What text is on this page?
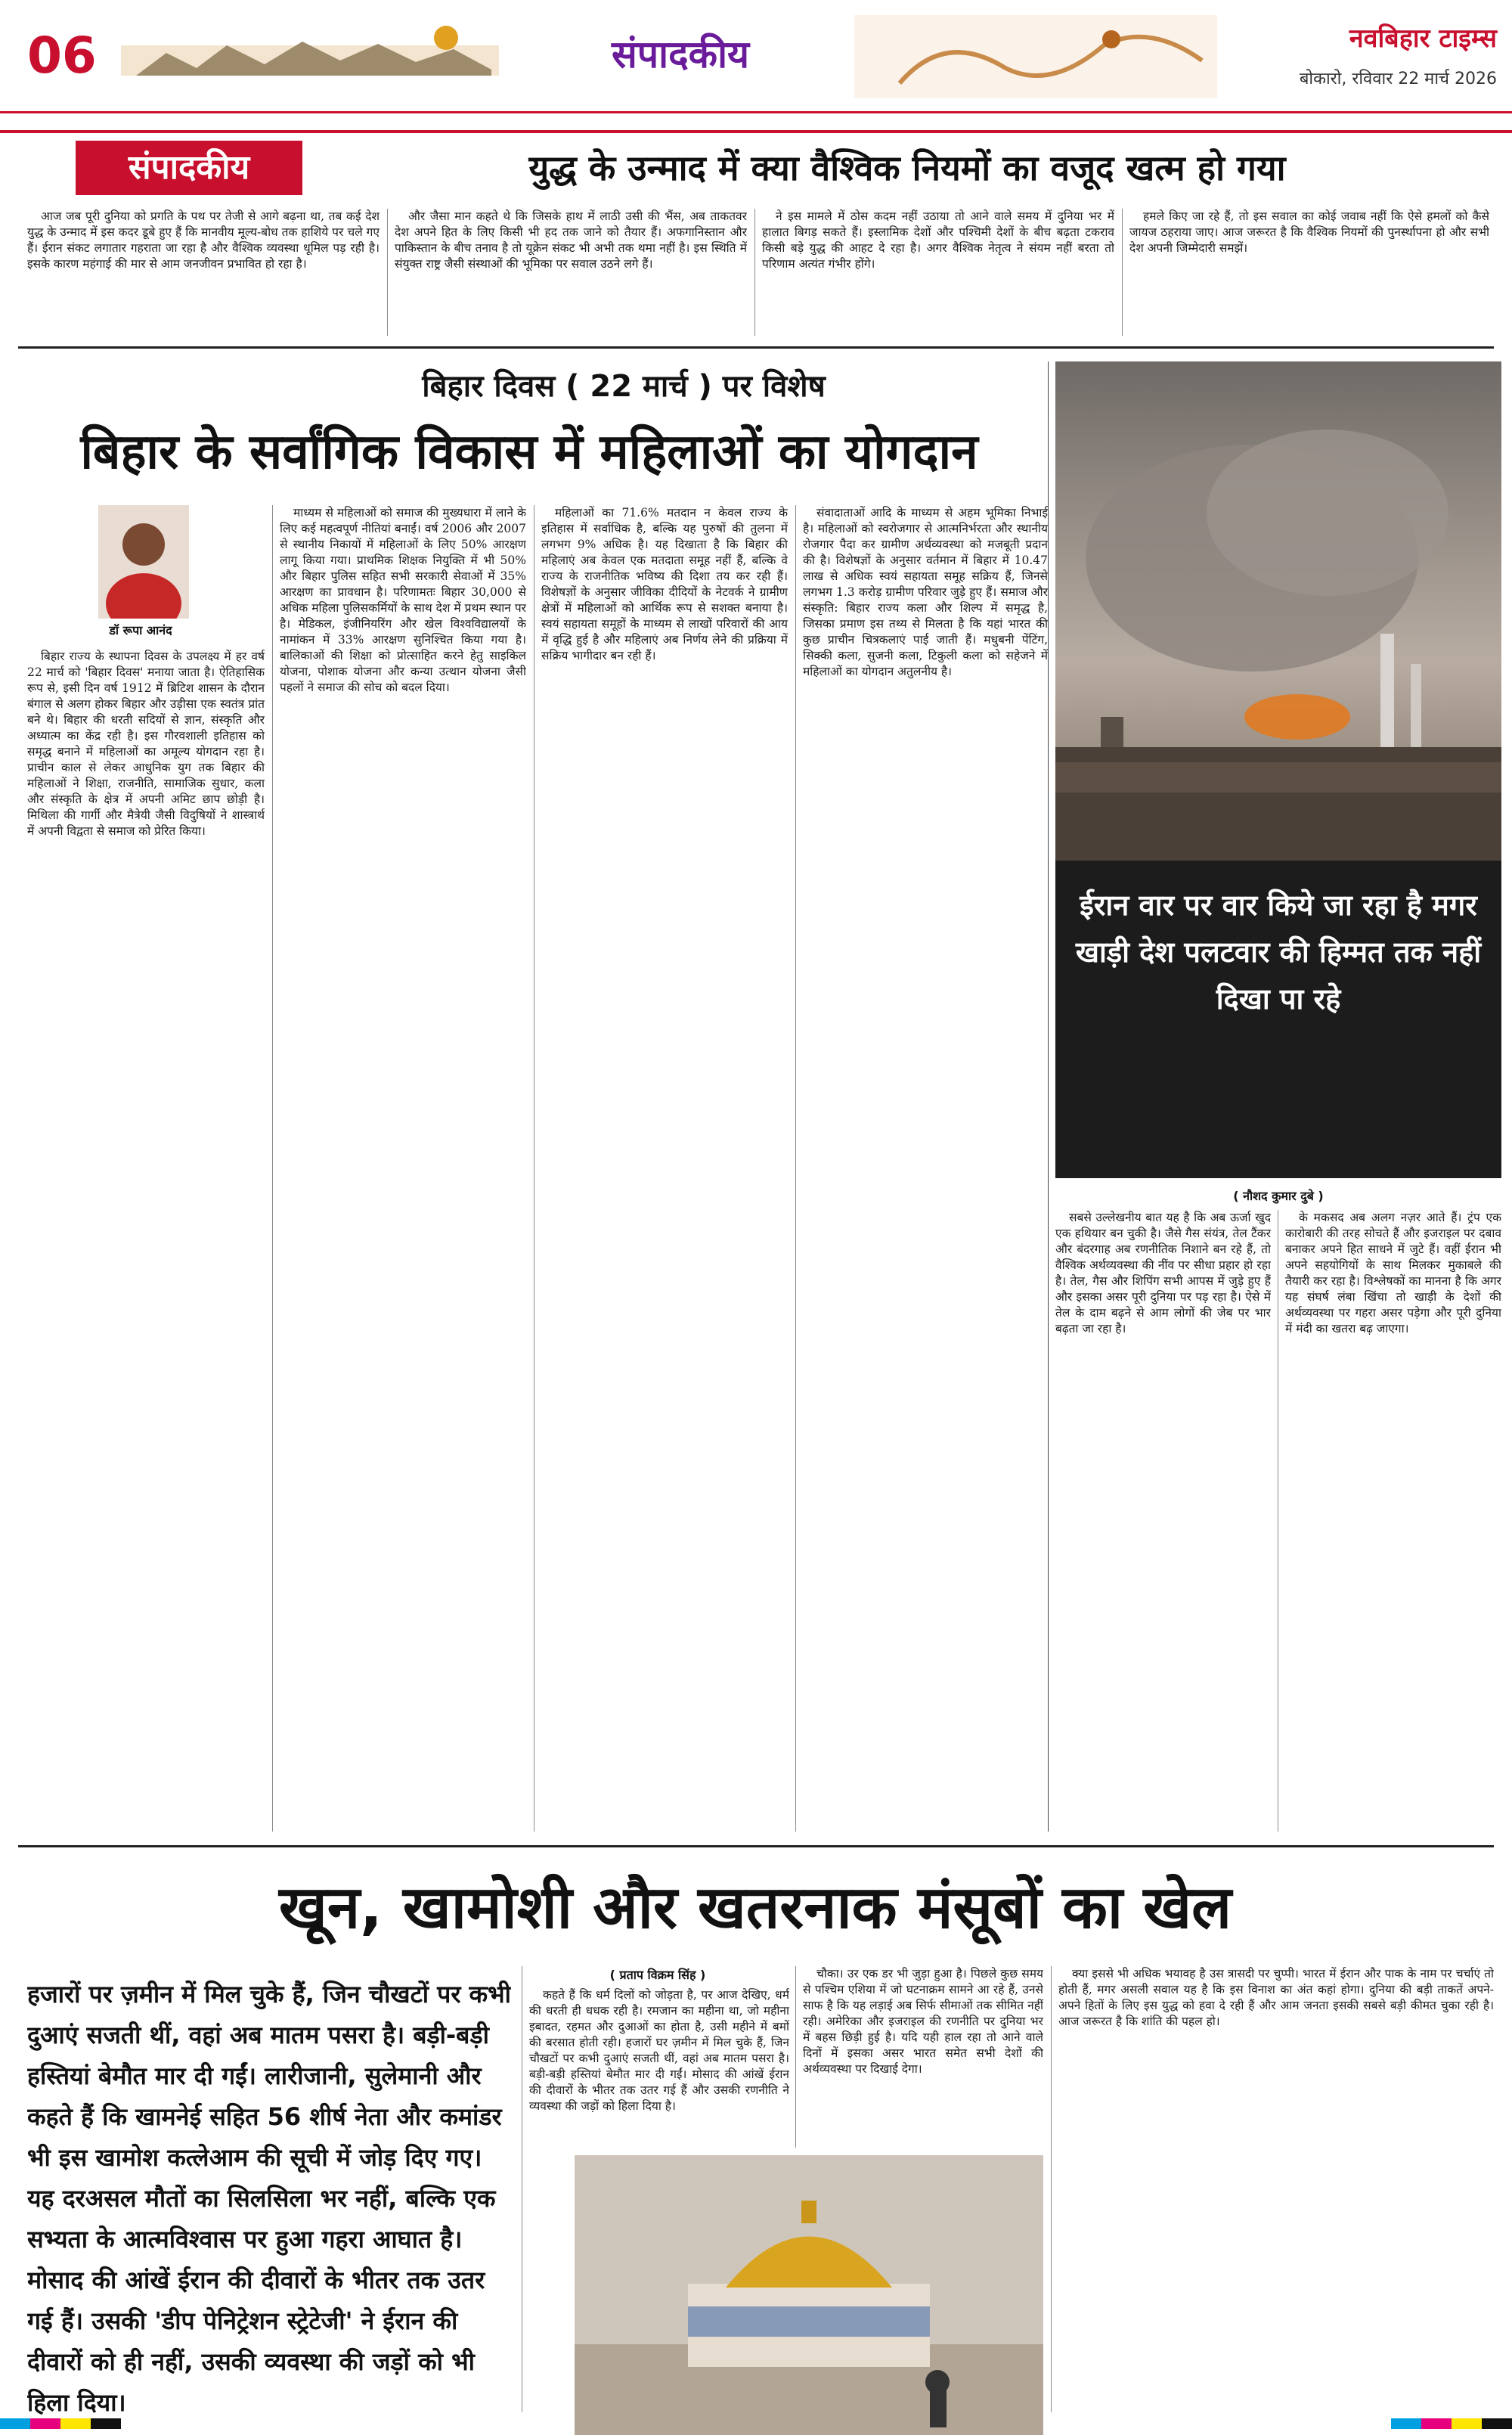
06	संपादकीय	नवबिहार टाइम्स
बोकारो, रविवार 22 मार्च 2026
संपादकीय	युद्ध के उन्माद में क्या वैश्विक नियमों का वजूद खत्म हो गया

आज जब पूरी दुनिया को प्रगति के पथ पर तेजी से आगे बढ़ना था, तब कई देश युद्ध के उन्माद में इस कदर डूबे हुए हैं कि मानवीय मूल्य-बोध तक हाशिये पर चले गए हैं। ईरान संकट लगातार गहराता जा रहा है और वैश्विक व्यवस्था धूमिल पड़ रही है। इसके कारण महंगाई की मार से आम जनजीवन प्रभावित हो रहा है।

और जैसा मान कहते थे कि जिसके हाथ में लाठी उसी की भैंस, अब ताकतवर देश अपने हित के लिए किसी भी हद तक जाने को तैयार हैं। अफगानिस्तान और पाकिस्तान के बीच तनाव है तो यूक्रेन संकट भी अभी तक थमा नहीं है। इस स्थिति में संयुक्त राष्ट्र जैसी संस्थाओं की भूमिका पर सवाल उठने लगे हैं।

ने इस मामले में ठोस कदम नहीं उठाया तो आने वाले समय में दुनिया भर में हालात बिगड़ सकते हैं। इस्लामिक देशों और पश्चिमी देशों के बीच बढ़ता टकराव किसी बड़े युद्ध की आहट दे रहा है। अगर वैश्विक नेतृत्व ने संयम नहीं बरता तो परिणाम अत्यंत गंभीर होंगे।

हमले किए जा रहे हैं, तो इस सवाल का कोई जवाब नहीं कि ऐसे हमलों को कैसे जायज ठहराया जाए। आज जरूरत है कि वैश्विक नियमों की पुनर्स्थापना हो और सभी देश अपनी जिम्मेदारी समझें।

बिहार दिवस ( 22 मार्च ) पर विशेष
बिहार के सर्वांगिक विकास में महिलाओं का योगदान
डॉ रूपा आनंद

बिहार राज्य के स्थापना दिवस के उपलक्ष्य में हर वर्ष 22 मार्च को 'बिहार दिवस' मनाया जाता है। ऐतिहासिक रूप से, इसी दिन वर्ष 1912 में ब्रिटिश शासन के दौरान बंगाल से अलग होकर बिहार और उड़ीसा एक स्वतंत्र प्रांत बने थे। बिहार की धरती सदियों से ज्ञान, संस्कृति और अध्यात्म का केंद्र रही है। इस गौरवशाली इतिहास को समृद्ध बनाने में महिलाओं का अमूल्य योगदान रहा है। प्राचीन काल से लेकर आधुनिक युग तक बिहार की महिलाओं ने शिक्षा, राजनीति, सामाजिक सुधार, कला और संस्कृति के क्षेत्र में अपनी अमिट छाप छोड़ी है। मिथिला की गार्गी और मैत्रेयी जैसी विदुषियों ने शास्त्रार्थ में अपनी विद्वता से समाज को प्रेरित किया।

माध्यम से महिलाओं को समाज की मुख्यधारा में लाने के लिए कई महत्वपूर्ण नीतियां बनाईं। वर्ष 2006 और 2007 से स्थानीय निकायों में महिलाओं के लिए 50% आरक्षण लागू किया गया। प्राथमिक शिक्षक नियुक्ति में भी 50% और बिहार पुलिस सहित सभी सरकारी सेवाओं में 35% आरक्षण का प्रावधान है। परिणामतः बिहार 30,000 से अधिक महिला पुलिसकर्मियों के साथ देश में प्रथम स्थान पर है। मेडिकल, इंजीनियरिंग और खेल विश्वविद्यालयों के नामांकन में 33% आरक्षण सुनिश्चित किया गया है। बालिकाओं की शिक्षा को प्रोत्साहित करने हेतु साइकिल योजना, पोशाक योजना और कन्या उत्थान योजना जैसी पहलों ने समाज की सोच को बदल दिया।

महिलाओं का 71.6% मतदान न केवल राज्य के इतिहास में सर्वाधिक है, बल्कि यह पुरुषों की तुलना में लगभग 9% अधिक है। यह दिखाता है कि बिहार की महिलाएं अब केवल एक मतदाता समूह नहीं हैं, बल्कि वे राज्य के राजनीतिक भविष्य की दिशा तय कर रही हैं। विशेषज्ञों के अनुसार जीविका दीदियों के नेटवर्क ने ग्रामीण क्षेत्रों में महिलाओं को आर्थिक रूप से सशक्त बनाया है। स्वयं सहायता समूहों के माध्यम से लाखों परिवारों की आय में वृद्धि हुई है और महिलाएं अब निर्णय लेने की प्रक्रिया में सक्रिय भागीदार बन रही हैं।

संवादाताओं आदि के माध्यम से अहम भूमिका निभाई है। महिलाओं को स्वरोजगार से आत्मनिर्भरता और स्थानीय रोजगार पैदा कर ग्रामीण अर्थव्यवस्था को मजबूती प्रदान की है। विशेषज्ञों के अनुसार वर्तमान में बिहार में 10.47 लाख से अधिक स्वयं सहायता समूह सक्रिय हैं, जिनसे लगभग 1.3 करोड़ ग्रामीण परिवार जुड़े हुए हैं। समाज और संस्कृति: बिहार राज्य कला और शिल्प में समृद्ध है, जिसका प्रमाण इस तथ्य से मिलता है कि यहां भारत की कुछ प्राचीन चित्रकलाएं पाई जाती हैं। मधुबनी पेंटिंग, सिक्की कला, सुजनी कला, टिकुली कला को सहेजने में महिलाओं का योगदान अतुलनीय है।

ईरान वार पर वार किये जा रहा है मगर खाड़ी देश पलटवार की हिम्मत तक नहीं दिखा पा रहे
( नौशद कुमार दुबे )

सबसे उल्लेखनीय बात यह है कि अब ऊर्जा खुद एक हथियार बन चुकी है। जैसे गैस संयंत्र, तेल टैंकर और बंदरगाह अब रणनीतिक निशाने बन रहे हैं, तो वैश्विक अर्थव्यवस्था की नींव पर सीधा प्रहार हो रहा है। तेल, गैस और शिपिंग सभी आपस में जुड़े हुए हैं और इसका असर पूरी दुनिया पर पड़ रहा है। ऐसे में तेल के दाम बढ़ने से आम लोगों की जेब पर भार बढ़ता जा रहा है।

के मकसद अब अलग नज़र आते हैं। ट्रंप एक कारोबारी की तरह सोचते हैं और इजराइल पर दबाव बनाकर अपने हित साधने में जुटे हैं। वहीं ईरान भी अपने सहयोगियों के साथ मिलकर मुकाबले की तैयारी कर रहा है। विश्लेषकों का मानना है कि अगर यह संघर्ष लंबा खिंचा तो खाड़ी के देशों की अर्थव्यवस्था पर गहरा असर पड़ेगा और पूरी दुनिया में मंदी का खतरा बढ़ जाएगा।

खून, खामोशी और खतरनाक मंसूबों का खेल
हजारों पर ज़मीन में मिल चुके हैं, जिन चौखटों पर कभी दुआएं सजती थीं, वहां अब मातम पसरा है। बड़ी-बड़ी हस्तियां बेमौत मार दी गईं। लारीजानी, सुलेमानी और कहते हैं कि खामनेई सहित 56 शीर्ष नेता और कमांडर भी इस खामोश कत्लेआम की सूची में जोड़ दिए गए। यह दरअसल मौतों का सिलसिला भर नहीं, बल्कि एक सभ्यता के आत्मविश्वास पर हुआ गहरा आघात है। मोसाद की आंखें ईरान की दीवारों के भीतर तक उतर गई हैं। उसकी 'डीप पेनिट्रेशन स्ट्रेटेजी' ने ईरान की दीवारों को ही नहीं, उसकी व्यवस्था की जड़ों को भी हिला दिया।
( प्रताप विक्रम सिंह )

कहते हैं कि धर्म दिलों को जोड़ता है, पर आज देखिए, धर्म की धरती ही धधक रही है। रमजान का महीना था, जो महीना इबादत, रहमत और दुआओं का होता है, उसी महीने में बमों की बरसात होती रही। हजारों घर ज़मीन में मिल चुके हैं, जिन चौखटों पर कभी दुआएं सजती थीं, वहां अब मातम पसरा है। बड़ी-बड़ी हस्तियां बेमौत मार दी गईं। मोसाद की आंखें ईरान की दीवारों के भीतर तक उतर गई हैं और उसकी रणनीति ने व्यवस्था की जड़ों को हिला दिया है।

चौका। उर एक डर भी जुड़ा हुआ है। पिछले कुछ समय से पश्चिम एशिया में जो घटनाक्रम सामने आ रहे हैं, उनसे साफ है कि यह लड़ाई अब सिर्फ सीमाओं तक सीमित नहीं रही। अमेरिका और इजराइल की रणनीति पर दुनिया भर में बहस छिड़ी हुई है। यदि यही हाल रहा तो आने वाले दिनों में इसका असर भारत समेत सभी देशों की अर्थव्यवस्था पर दिखाई देगा।

क्या इससे भी अधिक भयावह है उस त्रासदी पर चुप्पी। भारत में ईरान और पाक के नाम पर चर्चाएं तो होती हैं, मगर असली सवाल यह है कि इस विनाश का अंत कहां होगा। दुनिया की बड़ी ताकतें अपने-अपने हितों के लिए इस युद्ध को हवा दे रही हैं और आम जनता इसकी सबसे बड़ी कीमत चुका रही है। आज जरूरत है कि शांति की पहल हो।
